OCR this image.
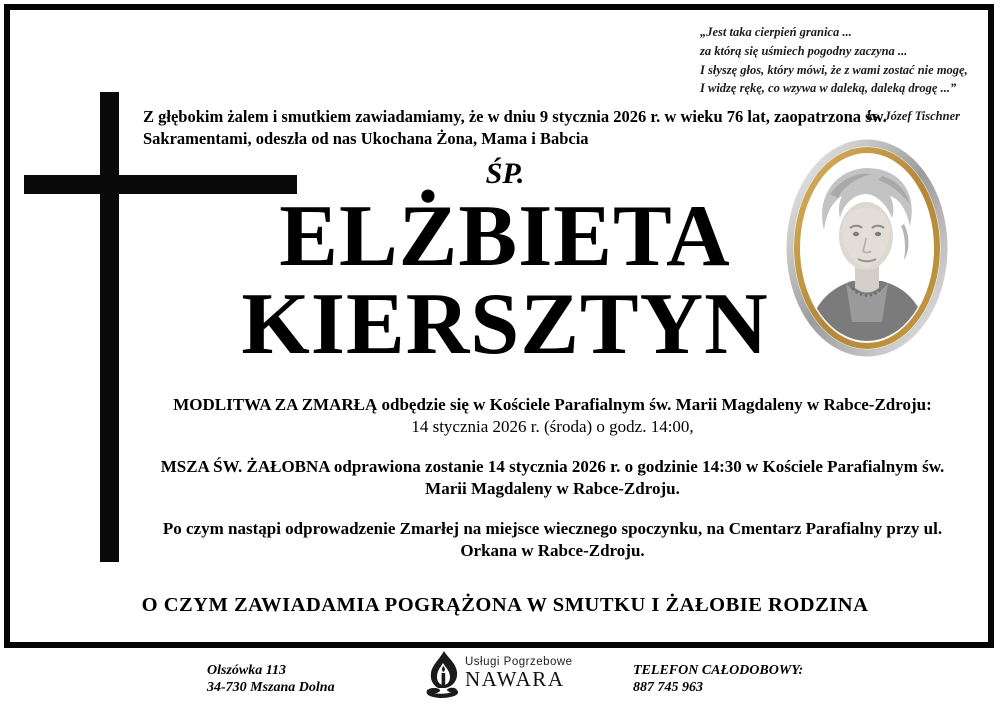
„Jest taka cierpień granica ...
za którą się uśmiech pogodny zaczyna ...
I słyszę głos, który mówi, że z wami zostać nie mogę,
I widzę rękę, co wzywa w daleką, daleką drogę ...”
ks. Józef Tischner
Z głębokim żalem i smutkiem zawiadamiamy, że w dniu 9 stycznia 2026 r. w wieku 76 lat, zaopatrzona św.
Sakramentami, odeszła od nas Ukochana Żona, Mama i Babcia
ŚP.
ELŻBIETA
KIERSZTYN

MODLITWA ZA ZMARŁĄ odbędzie się w Kościele Parafialnym św. Marii Magdaleny w Rabce-Zdroju:

14 stycznia 2026 r. (środa) o godz. 14:00,

MSZA ŚW. ŻAŁOBNA odprawiona zostanie 14 stycznia 2026 r. o godzinie 14:30 w Kościele Parafialnym św. Marii Magdaleny w Rabce-Zdroju.

Po czym nastąpi odprowadzenie Zmarłej na miejsce wiecznego spoczynku, na Cmentarz Parafialny przy ul. Orkana w Rabce-Zdroju.

O CZYM ZAWIADAMIA POGRĄŻONA W SMUTKU I ŻAŁOBIE RODZINA
Olszówka 113
34-730 Mszana Dolna
Usługi Pogrzebowe
NAWARA	TELEFON CAŁODOBOWY:
887 745 963
